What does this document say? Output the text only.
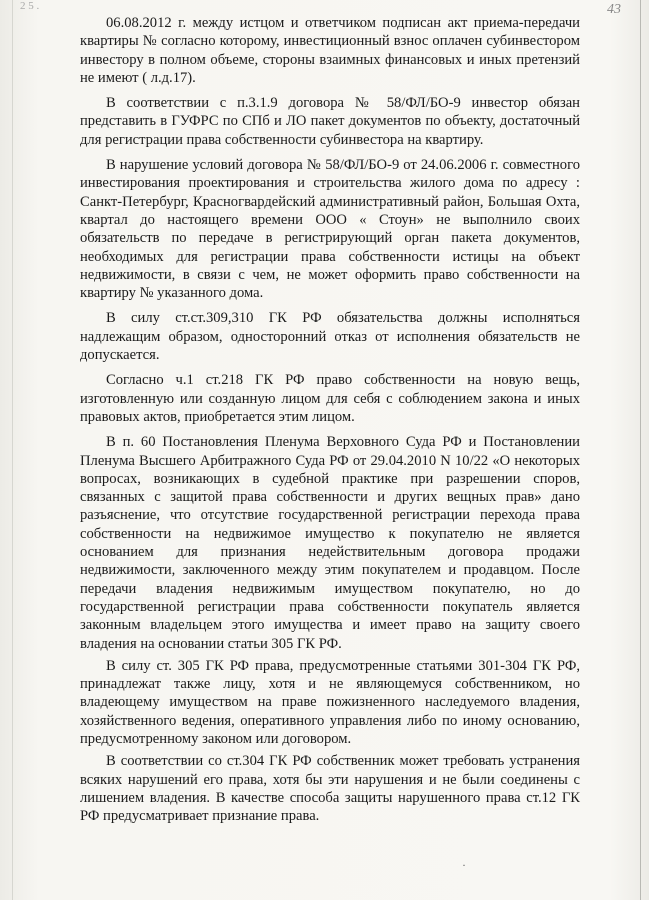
2 5 .	43

06.08.2012 г. между истцом и ответчиком подписан акт приема-передачи квартиры № согласно которому, инвестиционный взнос оплачен субинвестором инвестору в полном объеме, стороны взаимных финансовых и иных претензий не имеют ( л.д.17).

В соответствии с п.3.1.9 договора № 58/ФЛ/БО-9 инвестор обязан представить в ГУФРС по СПб и ЛО пакет документов по объекту, достаточный для регистрации права собственности субинвестора на квартиру.

В нарушение условий договора № 58/ФЛ/БО-9 от 24.06.2006 г. совместного инвестирования проектирования и строительства жилого дома по адресу : Санкт-Петербург, Красногвардейский административный район, Большая Охта, квартал до настоящего времени ООО « Стоун» не выполнило своих обязательств по передаче в регистрирующий орган пакета документов, необходимых для регистрации права собственности истицы на объект недвижимости, в связи с чем, не может оформить право собственности на квартиру № указанного дома.

В силу ст.ст.309,310 ГК РФ обязательства должны исполняться надлежащим образом, односторонний отказ от исполнения обязательств не допускается.

Согласно ч.1 ст.218 ГК РФ право собственности на новую вещь, изготовленную или созданную лицом для себя с соблюдением закона и иных правовых актов, приобретается этим лицом.

В п. 60 Постановления Пленума Верховного Суда РФ и Постановлении Пленума Высшего Арбитражного Суда РФ от 29.04.2010 N 10/22 «О некоторых вопросах, возникающих в судебной практике при разрешении споров, связанных с защитой права собственности и других вещных прав» дано разъяснение, что отсутствие государственной регистрации перехода права собственности на недвижимое имущество к покупателю не является основанием для признания недействительным договора продажи недвижимости, заключенного между этим покупателем и продавцом. После передачи владения недвижимым имуществом покупателю, но до государственной регистрации права собственности покупатель является законным владельцем этого имущества и имеет право на защиту своего владения на основании статьи 305 ГК РФ.

В силу ст. 305 ГК РФ права, предусмотренные статьями 301-304 ГК РФ, принадлежат также лицу, хотя и не являющемуся собственником, но владеющему имуществом на праве пожизненного наследуемого владения, хозяйственного ведения, оперативного управления либо по иному основанию, предусмотренному законом или договором.

В соответствии со ст.304 ГК РФ собственник может требовать устранения всяких нарушений его права, хотя бы эти нарушения и не были соединены с лишением владения. В качестве способа защиты нарушенного права ст.12 ГК РФ предусматривает признание права.

·
